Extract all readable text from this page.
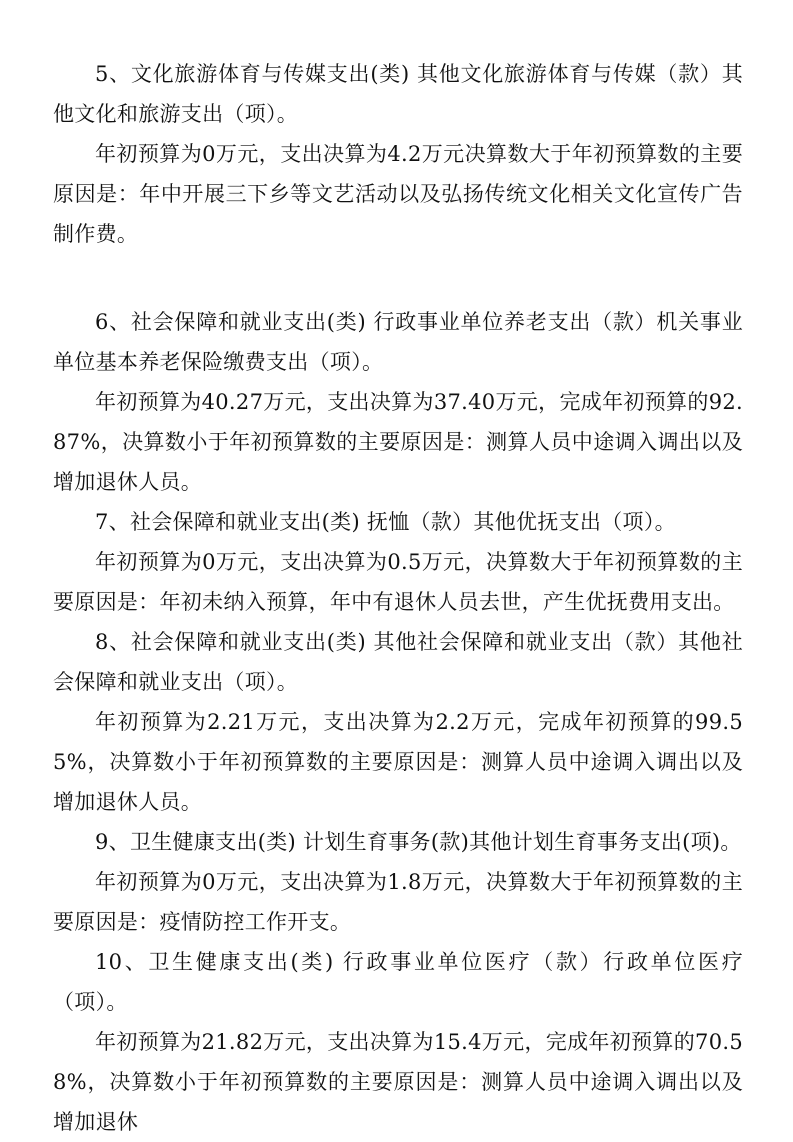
5、文化旅游体育与传媒支出(类) 其他文化旅游体育与传媒（款）其他文化和旅游支出（项）。

年初预算为0万元，支出决算为4.2万元决算数大于年初预算数的主要原因是：年中开展三下乡等文艺活动以及弘扬传统文化相关文化宣传广告制作费。

6、社会保障和就业支出(类) 行政事业单位养老支出（款）机关事业单位基本养老保险缴费支出（项）。

年初预算为40.27万元，支出决算为37.40万元，完成年初预算的92.87%，决算数小于年初预算数的主要原因是：测算人员中途调入调出以及增加退休人员。

7、社会保障和就业支出(类) 抚恤（款）其他优抚支出（项）。

年初预算为0万元，支出决算为0.5万元，决算数大于年初预算数的主要原因是：年初未纳入预算，年中有退休人员去世，产生优抚费用支出。

8、社会保障和就业支出(类) 其他社会保障和就业支出（款）其他社会保障和就业支出（项）。

年初预算为2.21万元，支出决算为2.2万元，完成年初预算的99.55%，决算数小于年初预算数的主要原因是：测算人员中途调入调出以及增加退休人员。

9、卫生健康支出(类) 计划生育事务(款)其他计划生育事务支出(项)。

年初预算为0万元，支出决算为1.8万元，决算数大于年初预算数的主要原因是：疫情防控工作开支。

10、卫生健康支出(类) 行政事业单位医疗（款）行政单位医疗（项）。

年初预算为21.82万元，支出决算为15.4万元，完成年初预算的70.58%，决算数小于年初预算数的主要原因是：测算人员中途调入调出以及增加退休
